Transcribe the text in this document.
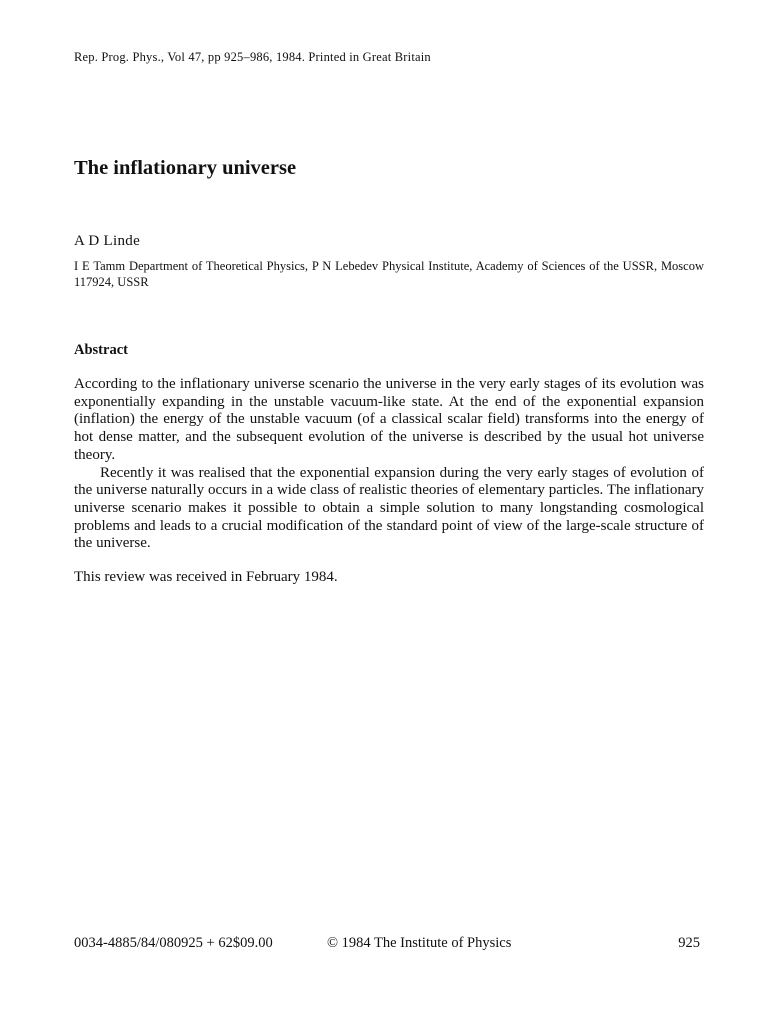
Rep. Prog. Phys., Vol 47, pp 925–986, 1984. Printed in Great Britain
The inflationary universe
A D Linde
I E Tamm Department of Theoretical Physics, P N Lebedev Physical Institute, Academy of Sciences of the USSR, Moscow 117924, USSR
Abstract

According to the inflationary universe scenario the universe in the very early stages of its evolution was exponentially expanding in the unstable vacuum-like state. At the end of the exponential expansion (inflation) the energy of the unstable vacuum (of a classical scalar field) transforms into the energy of hot dense matter, and the subsequent evolution of the universe is described by the usual hot universe theory.

Recently it was realised that the exponential expansion during the very early stages of evolution of the universe naturally occurs in a wide class of realistic theories of elementary particles. The inflationary universe scenario makes it possible to obtain a simple solution to many longstanding cosmological problems and leads to a crucial modification of the standard point of view of the large-scale structure of the universe.

This review was received in February 1984.
0034-4885/84/080925 + 62$09.00	© 1984 The Institute of Physics	925
